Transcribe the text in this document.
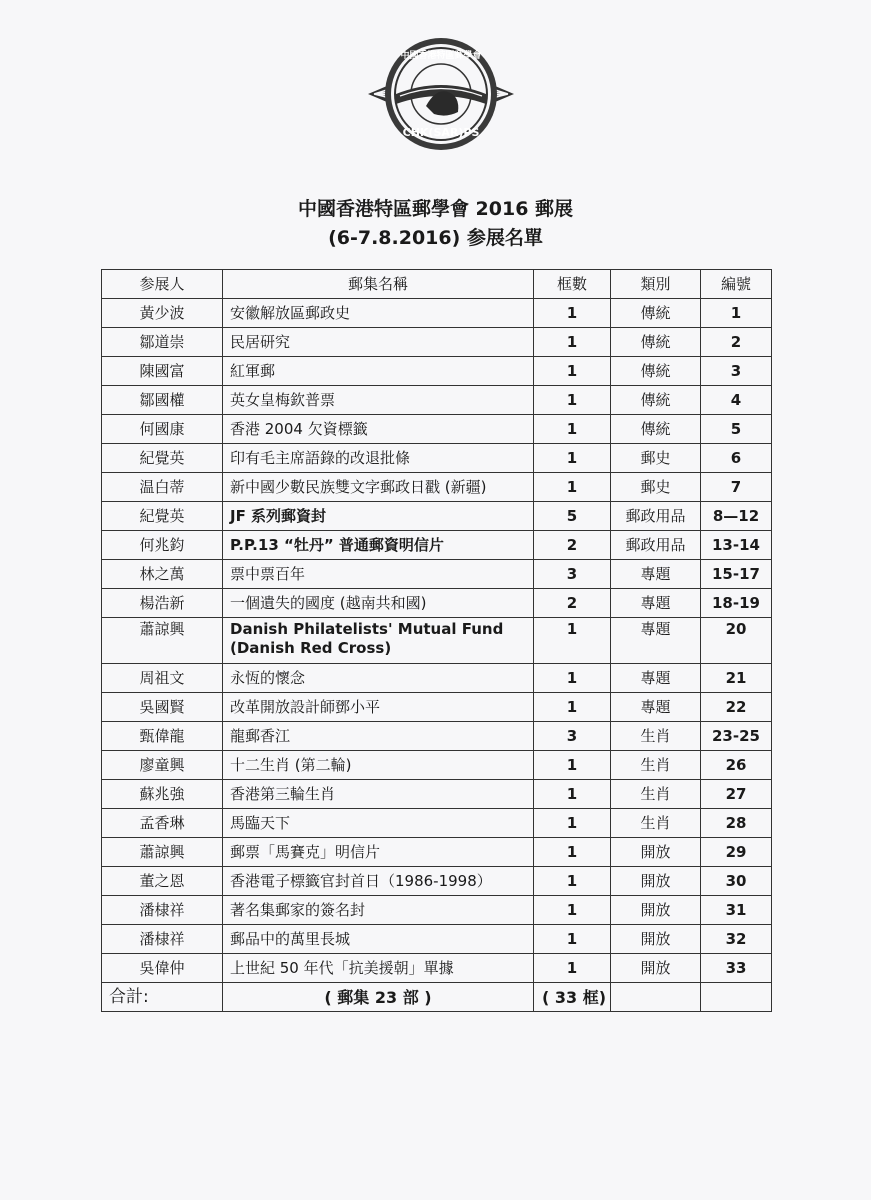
CHK(SAR)PS
中國香港特區郵學會
中國香港特區郵學會 2016 郵展
(6-7.8.2016) 参展名單
参展人	郵集名稱	框數	類別	編號
黃少波	安徽解放區郵政史	1	傳統	1
鄒道崇	民居研究	1	傳統	2
陳國富	紅軍郵	1	傳統	3
鄒國權	英女皇梅欽普票	1	傳統	4
何國康	香港 2004 欠資標籤	1	傳統	5
紀覺英	印有毛主席語錄的改退批條	1	郵史	6
温白蒂	新中國少數民族雙文字郵政日戳 (新疆)	1	郵史	7
紀覺英	JF 系列郵資封	5	郵政用品	8—12
何兆鈞	P.P.13 “牡丹” 普通郵資明信片	2	郵政用品	13-14
林之萬	票中票百年	3	專題	15-17
楊浩新	一個遺失的國度 (越南共和國)	2	專題	18-19
蕭諒興	Danish Philatelists' Mutual Fund (Danish Red Cross)	1	專題	20
周祖文	永恆的懷念	1	專題	21
吳國賢	改革開放設計師鄧小平	1	專題	22
甄偉龍	龍郵香江	3	生肖	23-25
廖童興	十二生肖 (第二輪)	1	生肖	26
蘇兆強	香港第三輪生肖	1	生肖	27
孟香琳	馬臨天下	1	生肖	28
蕭諒興	郵票「馬賽克」明信片	1	開放	29
董之恩	香港電子標籤官封首日（1986-1998）	1	開放	30
潘棣祥	著名集郵家的簽名封	1	開放	31
潘棣祥	郵品中的萬里長城	1	開放	32
吳偉仲	上世紀 50 年代「抗美援朝」單據	1	開放	33
合計:	( 郵集 23 部 )	( 33 框)		
